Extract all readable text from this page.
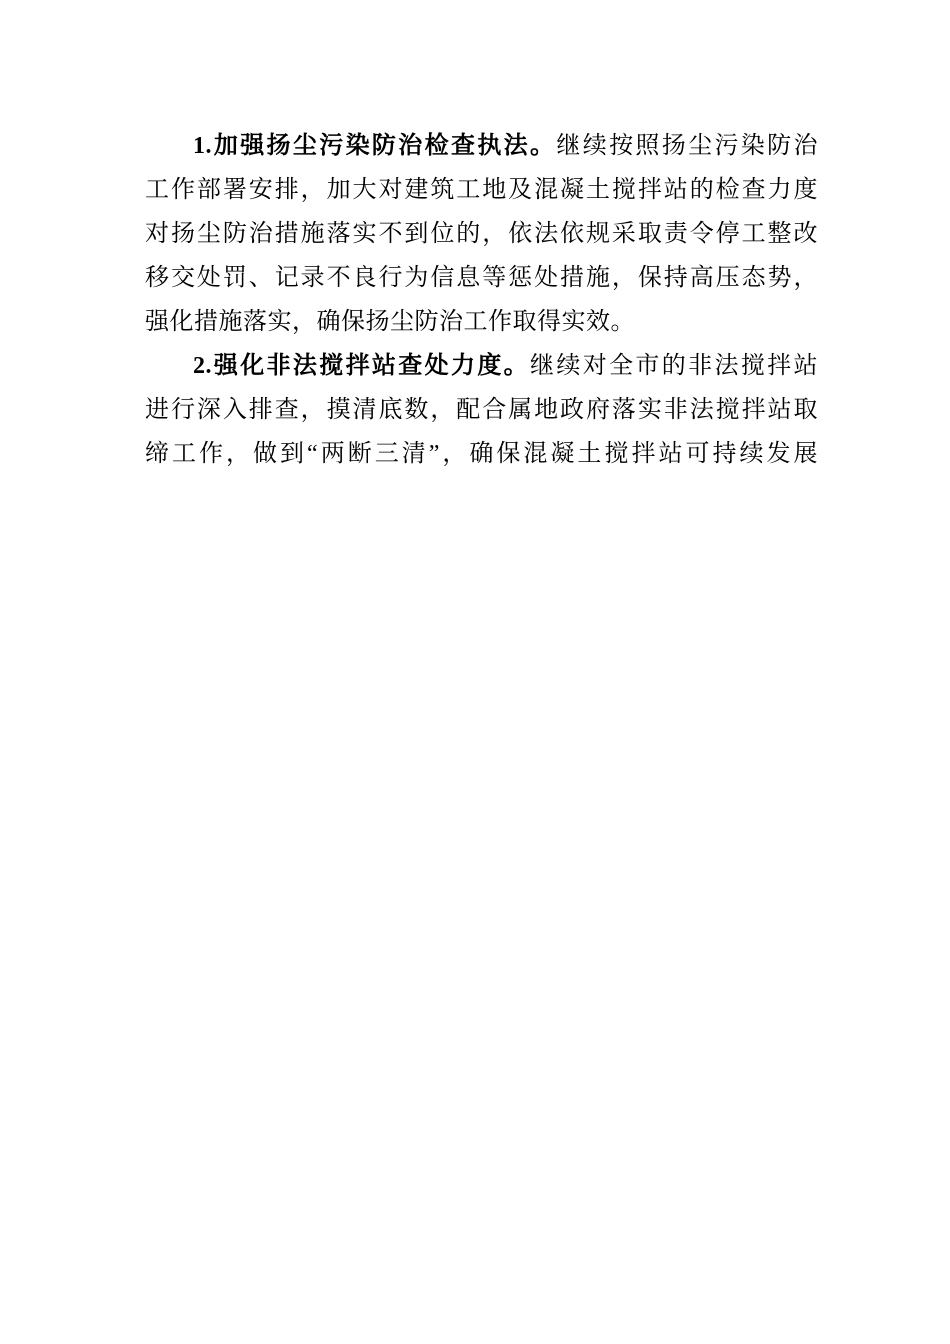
1.加强扬尘污染防治检查执法。继续按照扬尘污染防治
工作部署安排，加大对建筑工地及混凝土搅拌站的检查力度
对扬尘防治措施落实不到位的，依法依规采取责令停工整改
移交处罚、记录不良行为信息等惩处措施，保持高压态势，
强化措施落实，确保扬尘防治工作取得实效。
2.强化非法搅拌站查处力度。继续对全市的非法搅拌站
进行深入排查，摸清底数，配合属地政府落实非法搅拌站取
缔工作，做到“两断三清”，确保混凝土搅拌站可持续发展
